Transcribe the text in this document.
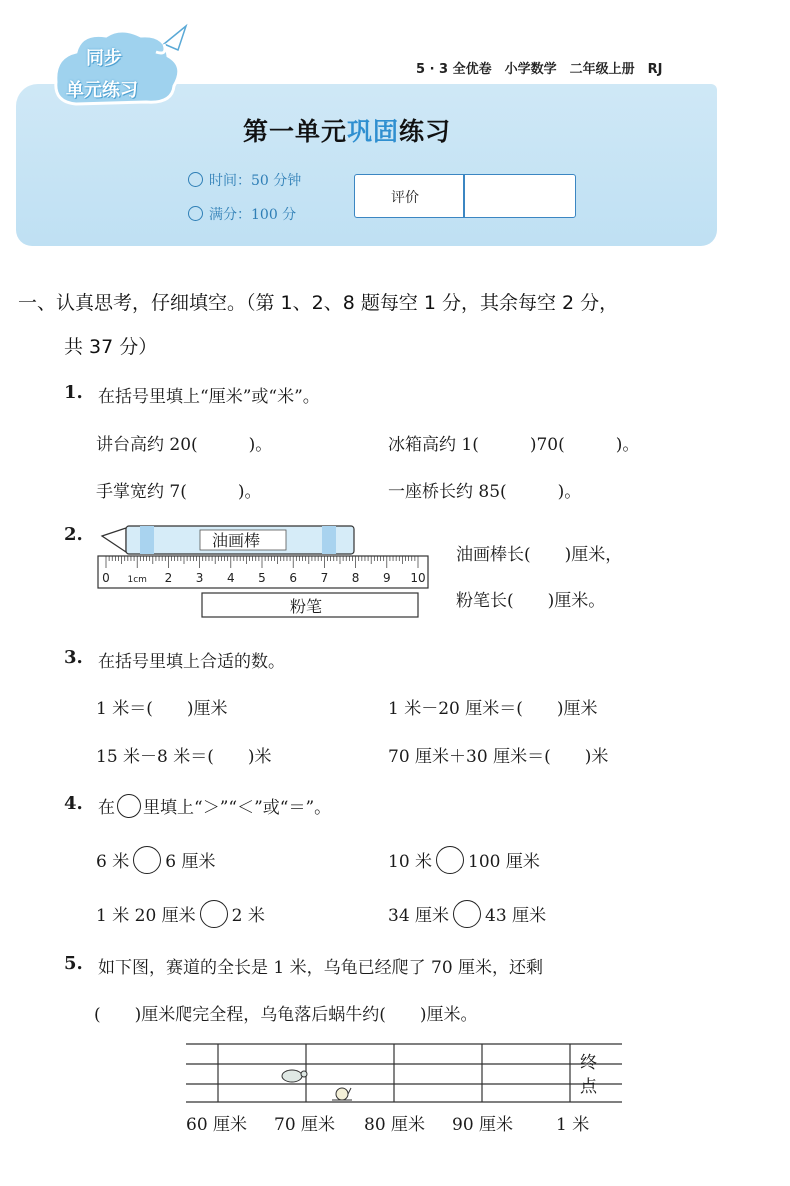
同步
单元练习
5 · 3 全优卷　小学数学　二年级上册　RJ
第一单元巩固练习
时间：50 分钟
满分：100 分
评价
一、认真思考，仔细填空。（第 1、2、8 题每空 1 分，其余每空 2 分，
共 37 分）
1. 在括号里填上“厘米”或“米”。
讲台高约 20(　　　)。	冰箱高约 1(　　　)70(　　　)。
手掌宽约 7(　　　)。	一座桥长约 85(　　　)。
2.
0 1cm 2 3 4 5 6 7 8 9 10
油画棒
粉笔
油画棒长(　　)厘米，
粉笔长(　　)厘米。
3. 在括号里填上合适的数。
1 米＝(　　)厘米	1 米－20 厘米＝(　　)厘米
15 米－8 米＝(　　)米	70 厘米＋30 厘米＝(　　)米
4. 在 里填上“＞”“＜”或“＝”。
6 米 6 厘米	10 米 100 厘米
1 米 20 厘米 2 米	34 厘米 43 厘米
5. 如下图，赛道的全长是 1 米，乌龟已经爬了 70 厘米，还剩
(　　)厘米爬完全程，乌龟落后蜗牛约(　　)厘米。
终
点
60 厘米 70 厘米 80 厘米 90 厘米	1 米
